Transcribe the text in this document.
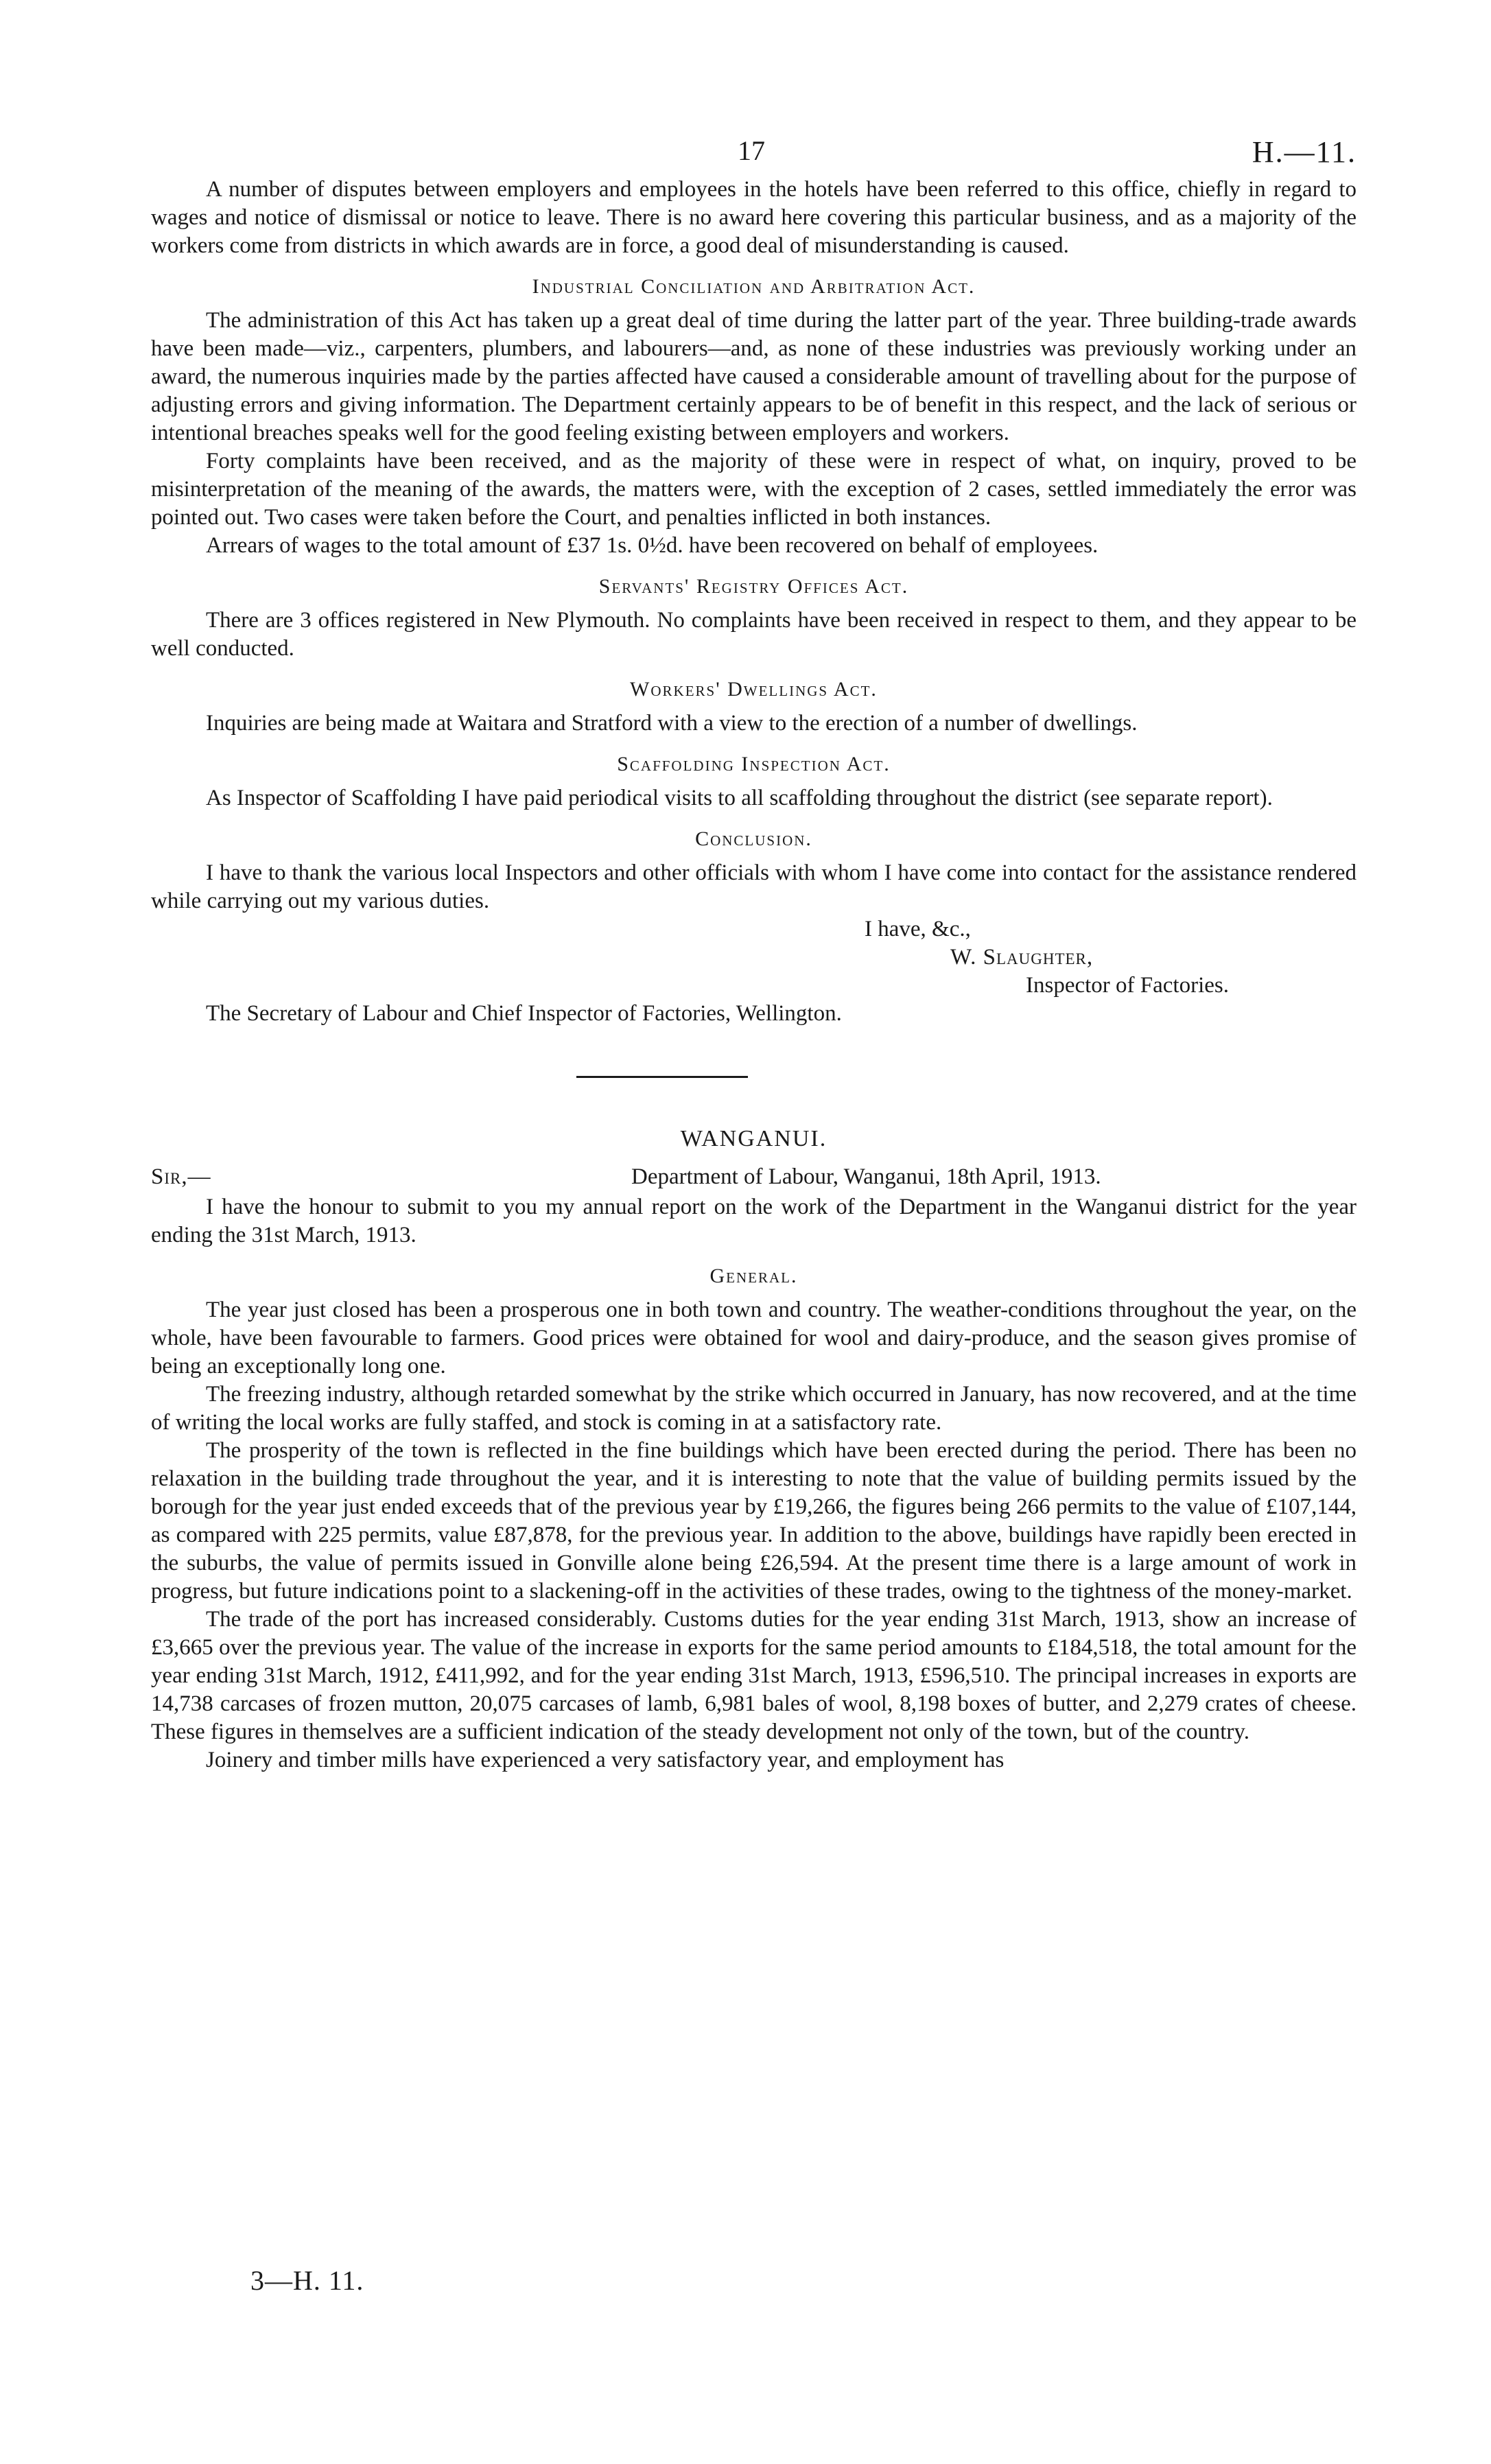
17	H.—11.

A number of disputes between employers and employees in the hotels have been referred to this office, chiefly in regard to wages and notice of dismissal or notice to leave. There is no award here covering this particular business, and as a majority of the workers come from districts in which awards are in force, a good deal of misunderstanding is caused.

Industrial Conciliation and Arbitration Act.

The administration of this Act has taken up a great deal of time during the latter part of the year. Three building-trade awards have been made—viz., carpenters, plumbers, and labourers—and, as none of these industries was previously working under an award, the numerous inquiries made by the parties affected have caused a considerable amount of travelling about for the purpose of adjusting errors and giving information. The Department certainly appears to be of benefit in this respect, and the lack of serious or intentional breaches speaks well for the good feeling existing between employers and workers.

Forty complaints have been received, and as the majority of these were in respect of what, on inquiry, proved to be misinterpretation of the meaning of the awards, the matters were, with the exception of 2 cases, settled immediately the error was pointed out. Two cases were taken before the Court, and penalties inflicted in both instances.

Arrears of wages to the total amount of £37 1s. 0½d. have been recovered on behalf of employees.

Servants' Registry Offices Act.

There are 3 offices registered in New Plymouth. No complaints have been received in respect to them, and they appear to be well conducted.

Workers' Dwellings Act.

Inquiries are being made at Waitara and Stratford with a view to the erection of a number of dwellings.

Scaffolding Inspection Act.

As Inspector of Scaffolding I have paid periodical visits to all scaffolding throughout the district (see separate report).

Conclusion.

I have to thank the various local Inspectors and other officials with whom I have come into contact for the assistance rendered while carrying out my various duties.

I have, &c.,
W. Slaughter,
Inspector of Factories.

The Secretary of Labour and Chief Inspector of Factories, Wellington.

WANGANUI.
Sir,—	Department of Labour, Wanganui, 18th April, 1913.

I have the honour to submit to you my annual report on the work of the Department in the Wanganui district for the year ending the 31st March, 1913.

General.

The year just closed has been a prosperous one in both town and country. The weather-conditions throughout the year, on the whole, have been favourable to farmers. Good prices were obtained for wool and dairy-produce, and the season gives promise of being an exceptionally long one.

The freezing industry, although retarded somewhat by the strike which occurred in January, has now recovered, and at the time of writing the local works are fully staffed, and stock is coming in at a satisfactory rate.

The prosperity of the town is reflected in the fine buildings which have been erected during the period. There has been no relaxation in the building trade throughout the year, and it is interesting to note that the value of building permits issued by the borough for the year just ended exceeds that of the previous year by £19,266, the figures being 266 permits to the value of £107,144, as compared with 225 permits, value £87,878, for the previous year. In addition to the above, buildings have rapidly been erected in the suburbs, the value of permits issued in Gonville alone being £26,594. At the present time there is a large amount of work in progress, but future indications point to a slackening-off in the activities of these trades, owing to the tightness of the money-market.

The trade of the port has increased considerably. Customs duties for the year ending 31st March, 1913, show an increase of £3,665 over the previous year. The value of the increase in exports for the same period amounts to £184,518, the total amount for the year ending 31st March, 1912, £411,992, and for the year ending 31st March, 1913, £596,510. The principal increases in exports are 14,738 carcases of frozen mutton, 20,075 carcases of lamb, 6,981 bales of wool, 8,198 boxes of butter, and 2,279 crates of cheese. These figures in themselves are a sufficient indication of the steady development not only of the town, but of the country.

Joinery and timber mills have experienced a very satisfactory year, and employment has

3—H. 11.
